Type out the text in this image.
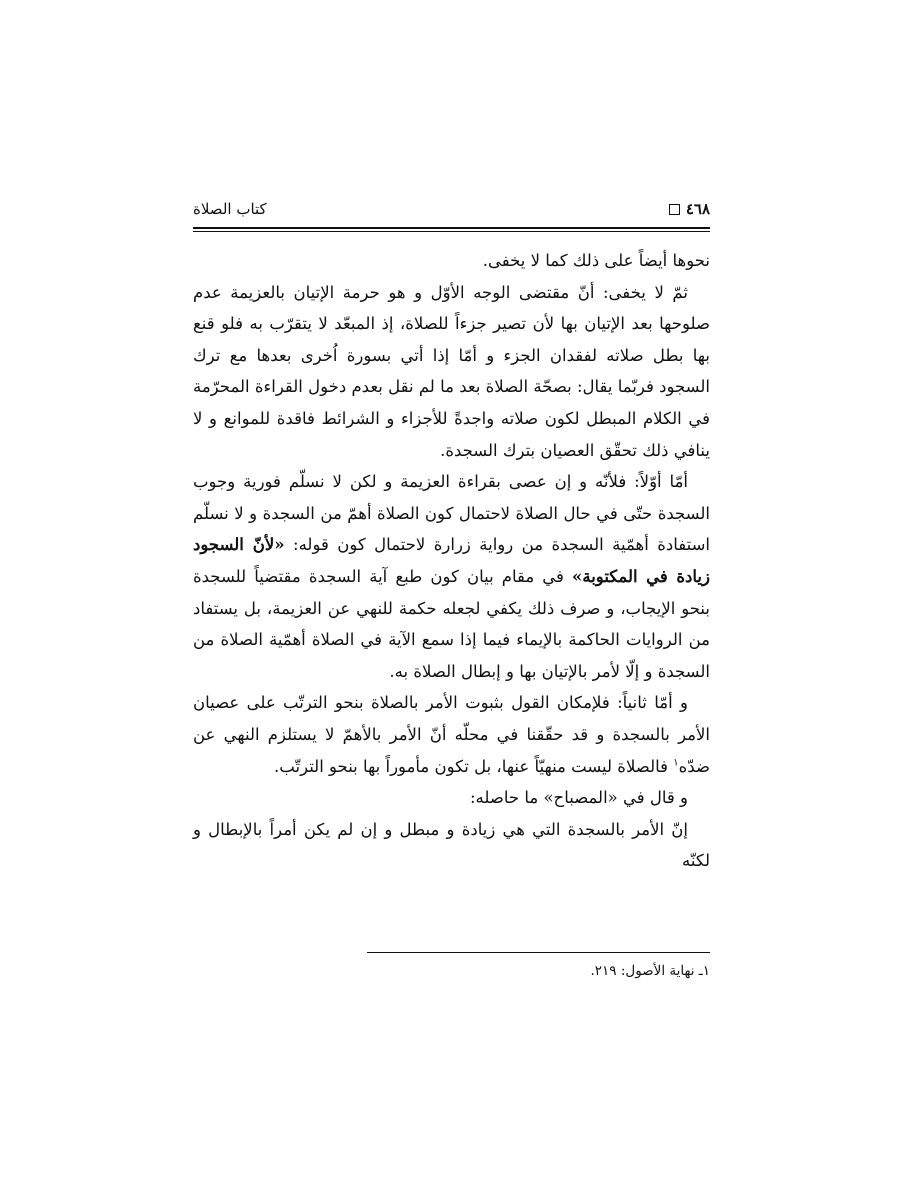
٤٦٨
كتاب الصلاة

نحوها أيضاً على ذلك كما لا يخفى.

ثمّ لا يخفى: أنّ مقتضى الوجه الأوّل و هو حرمة الإتيان بالعزيمة عدم صلوحها بعد الإتيان بها لأن تصير جزءاً للصلاة، إذ المبعّد لا يتقرّب به فلو قنع بها بطل صلاته لفقدان الجزء و أمّا إذا أتي بسورة اُخرى بعدها مع ترك السجود فربّما يقال: بصحّة الصلاة بعد ما لم نقل بعدم دخول القراءة المحرّمة في الكلام المبطل لكون صلاته واجدةً للأجزاء و الشرائط فاقدة للموانع و لا ينافي ذلك تحقّق العصيان بترك السجدة.

أمّا أوّلاً: فلأنّه و إن عصى بقراءة العزيمة و لكن لا نسلّم فورية وجوب السجدة حتّى في حال الصلاة لاحتمال كون الصلاة أهمّ من السجدة و لا نسلّم استفادة أهمّية السجدة من رواية زرارة لاحتمال كون قوله: «لأنّ السجود زيادة في المكتوبة» في مقام بيان كون طبع آية السجدة مقتضياً للسجدة بنحو الإيجاب، و صرف ذلك يكفي لجعله حكمة للنهي عن العزيمة، بل يستفاد من الروايات الحاكمة بالإيماء فيما إذا سمع الآية في الصلاة أهمّية الصلاة من السجدة و إلّا لأمر بالإتيان بها و إبطال الصلاة به.

و أمّا ثانياً: فلإمكان القول بثبوت الأمر بالصلاة بنحو الترتّب على عصيان الأمر بالسجدة و قد حقّقنا في محلّه أنّ الأمر بالأهمّ لا يستلزم النهي عن ضدّه$^١$ فالصلاة ليست منهيّاً عنها، بل تكون مأموراً بها بنحو الترتّب.

و قال في «المصباح» ما حاصله:

إنّ الأمر بالسجدة التي هي زيادة و مبطل و إن لم يكن أمراً بالإبطال و لكنّه

١ـ نهاية الأصول: ٢١٩.
